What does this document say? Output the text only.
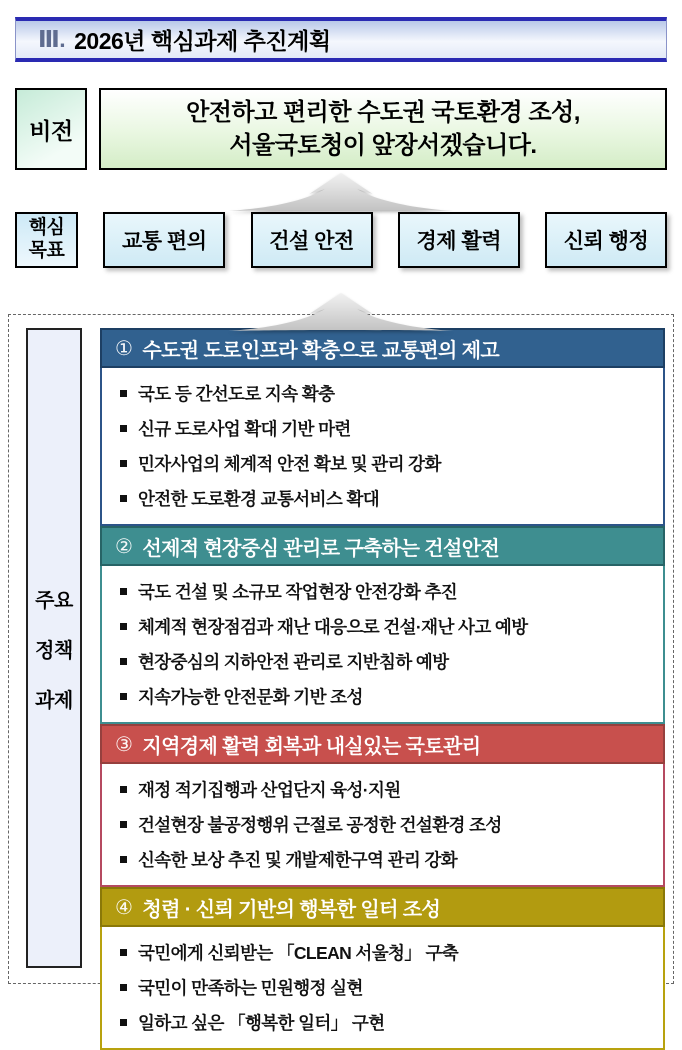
Ⅲ. 2026년 핵심과제 추진계획
비전
안전하고 편리한 수도권 국토환경 조성,
서울국토청이 앞장서겠습니다.
핵심
목표	교통 편의	건설 안전	경제 활력	신뢰 행정
주요
정책
과제
① 수도권 도로인프라 확충으로 교통편의 제고
국도 등 간선도로 지속 확충
신규 도로사업 확대 기반 마련
민자사업의 체계적 안전 확보 및 관리 강화
안전한 도로환경 교통서비스 확대
② 선제적 현장중심 관리로 구축하는 건설안전
국도 건설 및 소규모 작업현장 안전강화 추진
체계적 현장점검과 재난 대응으로 건설·재난 사고 예방
현장중심의 지하안전 관리로 지반침하 예방
지속가능한 안전문화 기반 조성
③ 지역경제 활력 회복과 내실있는 국토관리
재정 적기집행과 산업단지 육성·지원
건설현장 불공정행위 근절로 공정한 건설환경 조성
신속한 보상 추진 및 개발제한구역 관리 강화
④ 청렴 · 신뢰 기반의 행복한 일터 조성
국민에게 신뢰받는 「CLEAN 서울청」 구축
국민이 만족하는 민원행정 실현
일하고 싶은 「행복한 일터」 구현
